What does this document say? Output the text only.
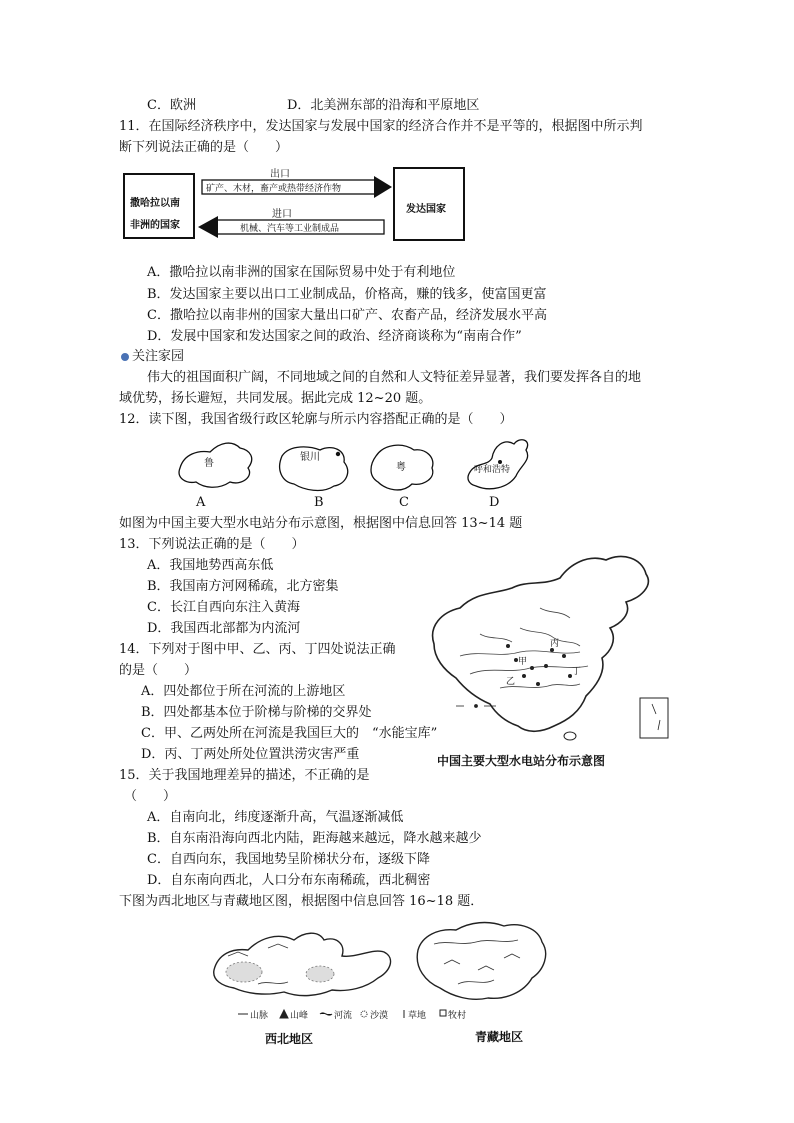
C．欧洲	D．北美洲东部的沿海和平原地区
11．在国际经济秩序中，发达国家与发展中国家的经济合作并不是平等的，根据图中所示判
断下列说法正确的是（　　）
撒哈拉以南
非洲的国家
发达国家
出口
矿产、木材，畜产或热带经济作物
进口
机械、汽车等工业制成品
A．撒哈拉以南非洲的国家在国际贸易中处于有利地位
B．发达国家主要以出口工业制成品，价格高，赚的钱多，使富国更富
C．撒哈拉以南非州的国家大量出口矿产、农畜产品，经济发展水平高
D．发展中国家和发达国家之间的政治、经济商谈称为“南南合作”
关注家园
伟大的祖国面积广阔，不同地域之间的自然和人文特征差异显著，我们要发挥各自的地
域优势，扬长避短，共同发展。据此完成 12~20 题。
12．读下图，我国省级行政区轮廓与所示内容搭配正确的是（　　）
鲁
银川
粤	呼和浩特
A	B	C	D
如图为中国主要大型水电站分布示意图，根据图中信息回答 13~14 题
13．下列说法正确的是（　　）
A．我国地势西高东低
B．我国南方河网稀疏，北方密集
C．长江自西向东注入黄海
D．我国西北部都为内流河
甲
乙
丙
丁
中国主要大型水电站分布示意图
14．下列对于图中甲、乙、丙、丁四处说法正确
的是（　　）
A．四处都位于所在河流的上游地区
B．四处都基本位于阶梯与阶梯的交界处
C．甲、乙两处所在河流是我国巨大的　“水能宝库”
D．丙、丁两处所处位置洪涝灾害严重
15．关于我国地理差异的描述，不正确的是
（　　）
A．自南向北，纬度逐渐升高，气温逐渐减低
B．自东南沿海向西北内陆，距海越来越远，降水越来越少
C．自西向东，我国地势呈阶梯状分布，逐级下降
D．自东南向西北，人口分布东南稀疏，西北稠密
下图为西北地区与青藏地区图，根据图中信息回答 16~18 题．
山脉 山峰	河流 沙漠 草地 牧村
西北地区	青藏地区
